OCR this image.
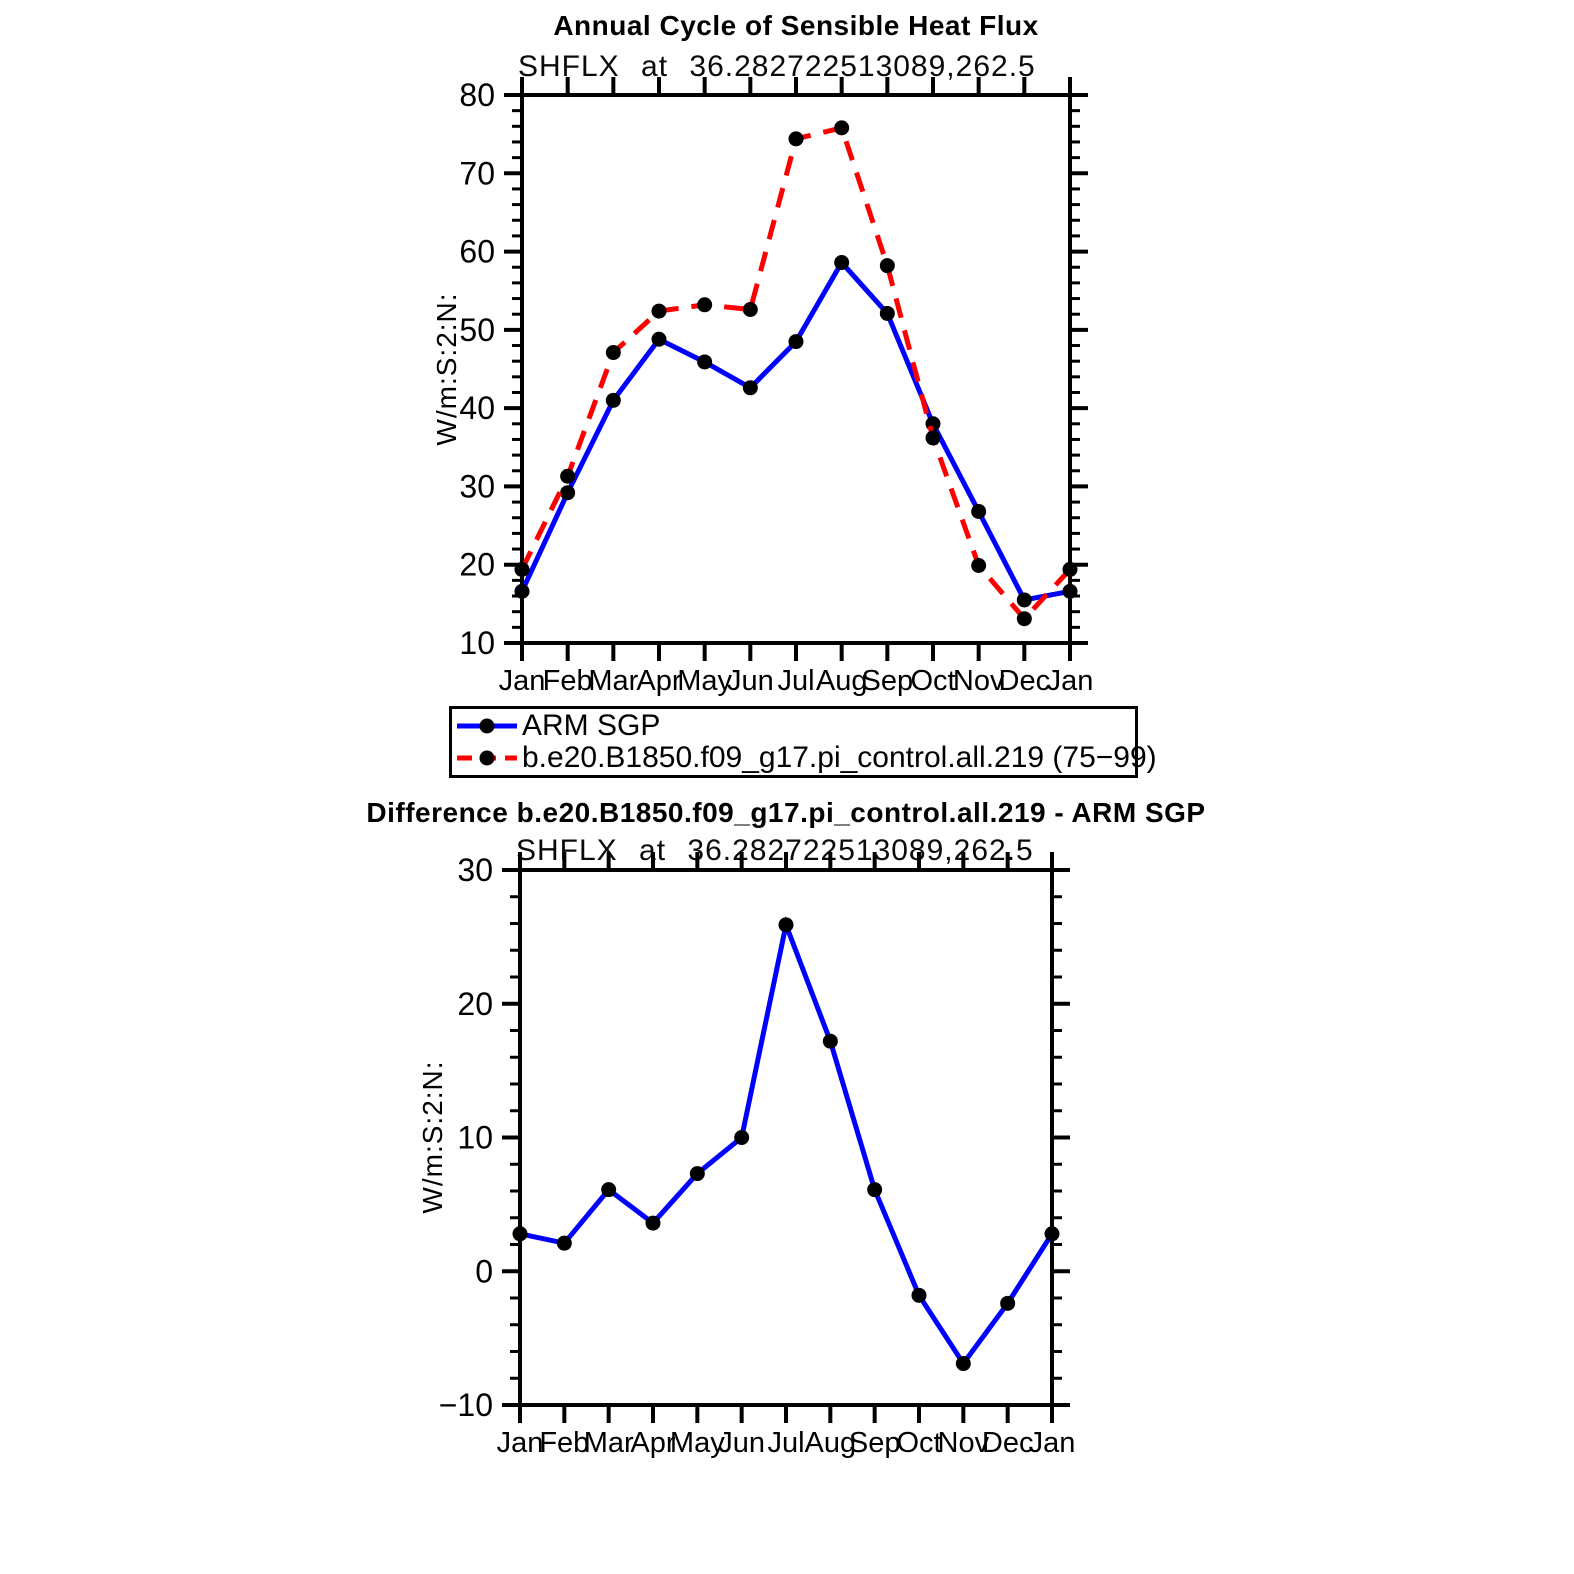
Annual Cycle of Sensible Heat Flux
SHFLX at 36.282722513089,262.5
W/m:S:2:N:
10
20
30
40
50
60
70
80
Jan
Feb
Mar
Apr
May
Jun Jul Aug
Sep
Oct
Nov
Dec
Jan
ARM SGP
b.e20.B1850.f09_g17.pi_control.all.219 (75−99)
Difference b.e20.B1850.f09_g17.pi_control.all.219 - ARM SGP
SHFLX at 36.282722513089,262.5
W/m:S:2:N:
−10
0
10
20
30
Jan
Feb
Mar
Apr
May
Jun Jul Aug
Sep
Oct
Nov
Dec
Jan
